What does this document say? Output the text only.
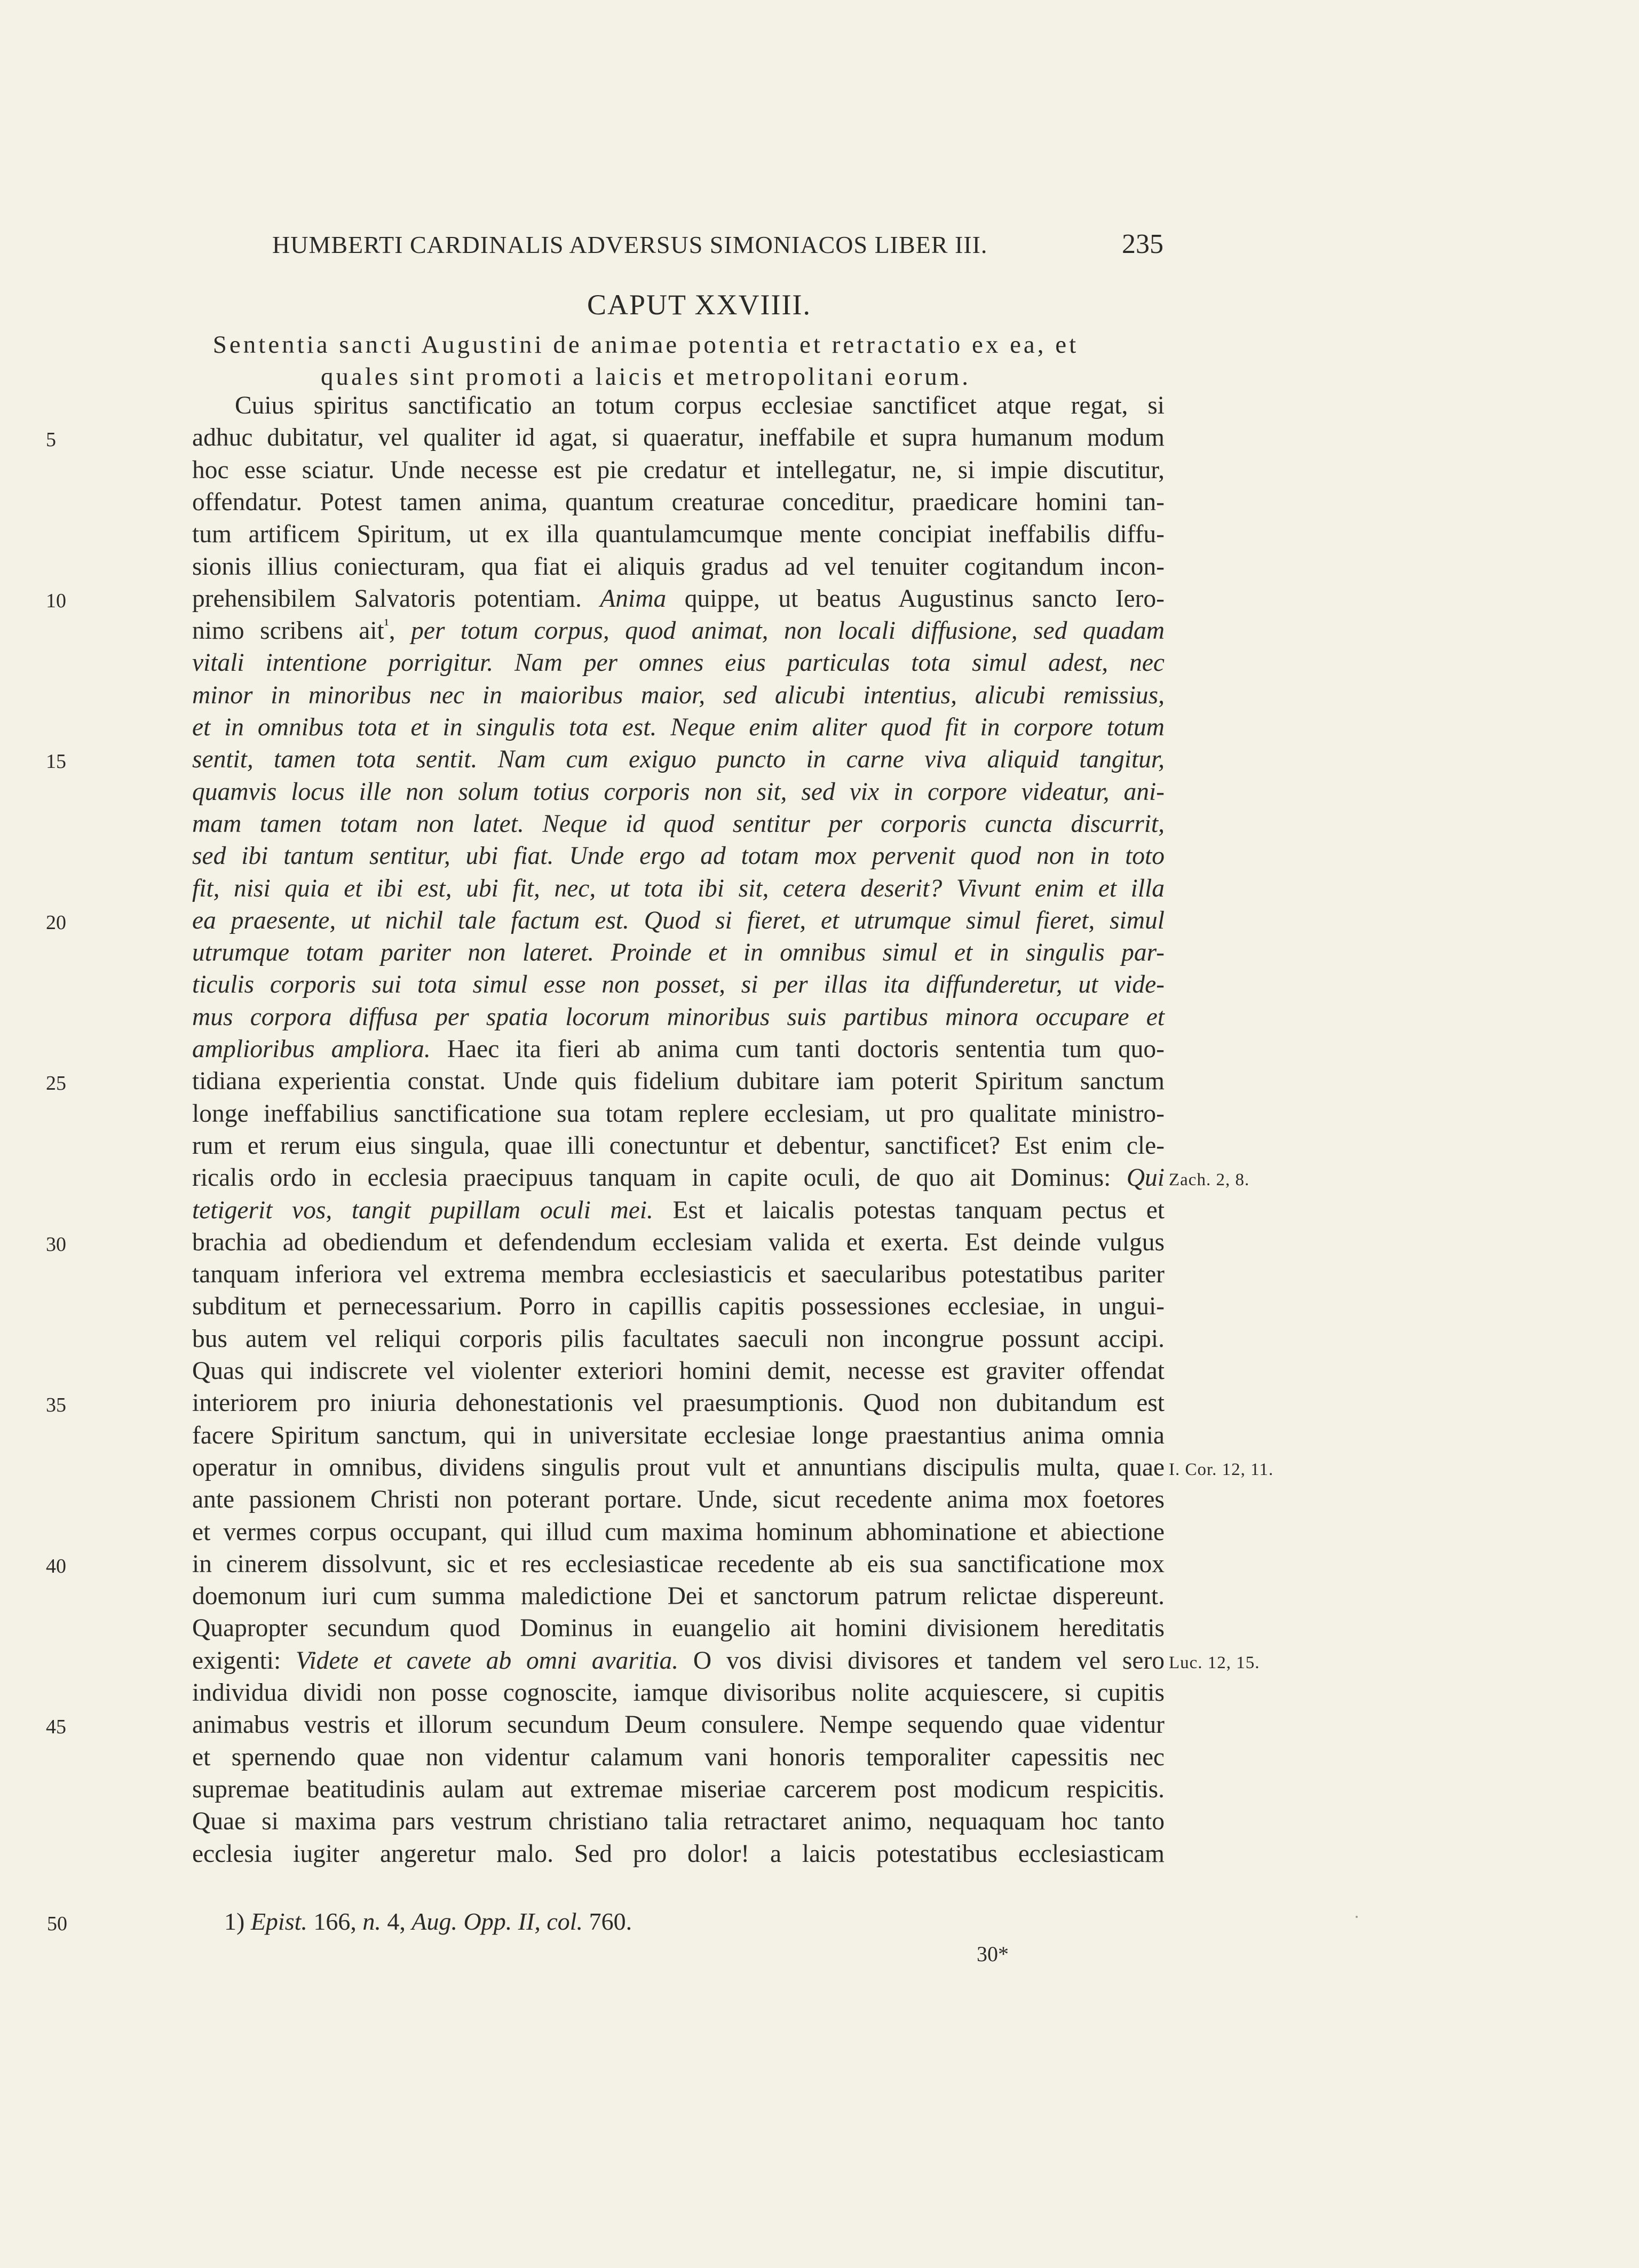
HUMBERTI CARDINALIS ADVERSUS SIMONIACOS LIBER III.	235
CAPUT XXVIIII.
Sententia sancti Augustini de animae potentia et retractatio ex ea, et
quales sint promoti a laicis et metropolitani eorum.
5
10
15
20
25
30
35
40
45
Cuius spiritus sanctificatio an totum corpus ecclesiae sanctificet atque regat, si
adhuc dubitatur, vel qualiter id agat, si quaeratur, ineffabile et supra humanum modum
hoc esse sciatur. Unde necesse est pie credatur et intellegatur, ne, si impie discutitur,
offendatur. Potest tamen anima, quantum creaturae conceditur, praedicare homini tan-
tum artificem Spiritum, ut ex illa quantulamcumque mente concipiat ineffabilis diffu-
sionis illius coniecturam, qua fiat ei aliquis gradus ad vel tenuiter cogitandum incon-
prehensibilem Salvatoris potentiam. Anima quippe, ut beatus Augustinus sancto Iero-
nimo scribens ait$^{^1}$, per totum corpus, quod animat, non locali diffusione, sed quadam
vitali intentione porrigitur. Nam per omnes eius particulas tota simul adest, nec
minor in minoribus nec in maioribus maior, sed alicubi intentius, alicubi remissius,
et in omnibus tota et in singulis tota est. Neque enim aliter quod fit in corpore totum
sentit, tamen tota sentit. Nam cum exiguo puncto in carne viva aliquid tangitur,
quamvis locus ille non solum totius corporis non sit, sed vix in corpore videatur, ani-
mam tamen totam non latet. Neque id quod sentitur per corporis cuncta discurrit,
sed ibi tantum sentitur, ubi fiat. Unde ergo ad totam mox pervenit quod non in toto
fit, nisi quia et ibi est, ubi fit, nec, ut tota ibi sit, cetera deserit? Vivunt enim et illa
ea praesente, ut nichil tale factum est. Quod si fieret, et utrumque simul fieret, simul
utrumque totam pariter non lateret. Proinde et in omnibus simul et in singulis par-
ticulis corporis sui tota simul esse non posset, si per illas ita diffunderetur, ut vide-
mus corpora diffusa per spatia locorum minoribus suis partibus minora occupare et
amplioribus ampliora. Haec ita fieri ab anima cum tanti doctoris sententia tum quo-
tidiana experientia constat. Unde quis fidelium dubitare iam poterit Spiritum sanctum
longe ineffabilius sanctificatione sua totam replere ecclesiam, ut pro qualitate ministro-
rum et rerum eius singula, quae illi conectuntur et debentur, sanctificet? Est enim cle-
ricalis ordo in ecclesia praecipuus tanquam in capite oculi, de quo ait Dominus: Qui
tetigerit vos, tangit pupillam oculi mei. Est et laicalis potestas tanquam pectus et
brachia ad obediendum et defendendum ecclesiam valida et exerta. Est deinde vulgus
tanquam inferiora vel extrema membra ecclesiasticis et saecularibus potestatibus pariter
subditum et pernecessarium. Porro in capillis capitis possessiones ecclesiae, in ungui-
bus autem vel reliqui corporis pilis facultates saeculi non incongrue possunt accipi.
Quas qui indiscrete vel violenter exteriori homini demit, necesse est graviter offendat
interiorem pro iniuria dehonestationis vel praesumptionis. Quod non dubitandum est
facere Spiritum sanctum, qui in universitate ecclesiae longe praestantius anima omnia
operatur in omnibus, dividens singulis prout vult et annuntians discipulis multa, quae
ante passionem Christi non poterant portare. Unde, sicut recedente anima mox foetores
et vermes corpus occupant, qui illud cum maxima hominum abhominatione et abiectione
in cinerem dissolvunt, sic et res ecclesiasticae recedente ab eis sua sanctificatione mox
doemonum iuri cum summa maledictione Dei et sanctorum patrum relictae dispereunt.
Quapropter secundum quod Dominus in euangelio ait homini divisionem hereditatis
exigenti: Videte et cavete ab omni avaritia. O vos divisi divisores et tandem vel sero
individua dividi non posse cognoscite, iamque divisoribus nolite acquiescere, si cupitis
animabus vestris et illorum secundum Deum consulere. Nempe sequendo quae videntur
et spernendo quae non videntur calamum vani honoris temporaliter capessitis nec
supremae beatitudinis aulam aut extremae miseriae carcerem post modicum respicitis.
Quae si maxima pars vestrum christiano talia retractaret animo, nequaquam hoc tanto
ecclesia iugiter angeretur malo. Sed pro dolor! a laicis potestatibus ecclesiasticam
Zach. 2, 8.
I. Cor. 12, 11.
Luc. 12, 15.
50	1) Epist. 166, n. 4, Aug. Opp. II, col. 760.
30*
